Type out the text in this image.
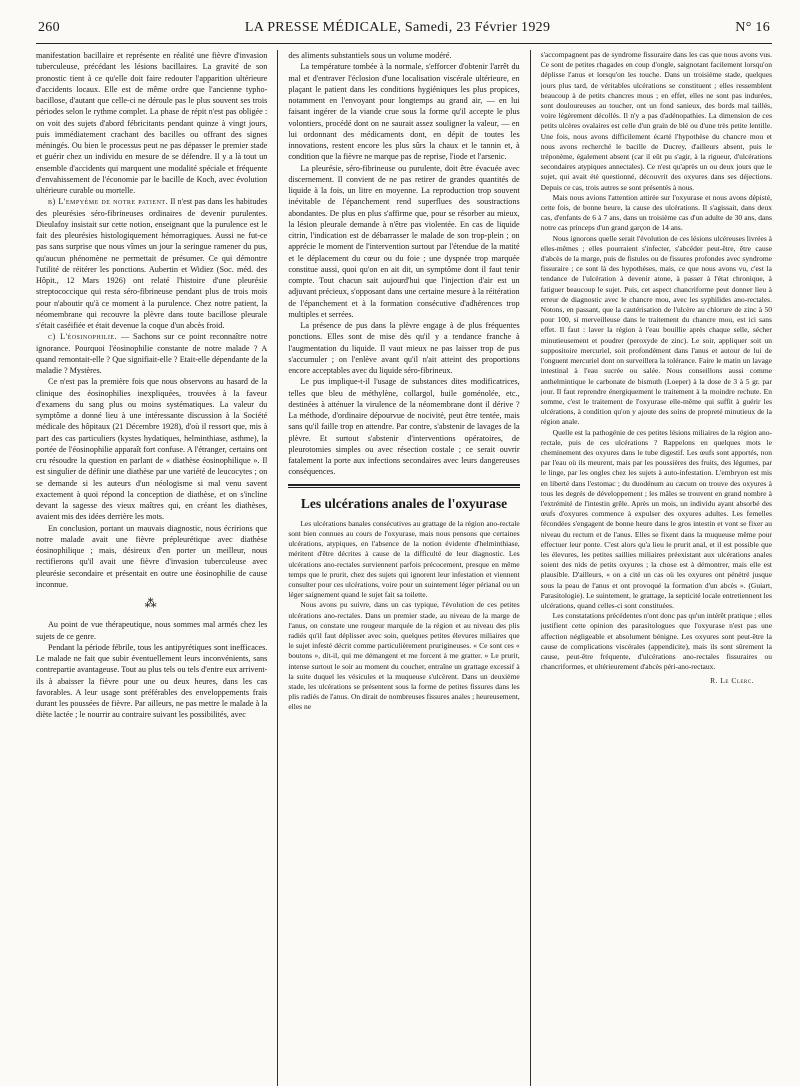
260	LA PRESSE MÉDICALE, Samedi, 23 Février 1929	N° 16

manifestation bacillaire et représente en réalité une fièvre d'invasion tuberculeuse, précédant les lésions bacillaires. La gravité de son pronostic tient à ce qu'elle doit faire redouter l'apparition ultérieure d'accidents locaux. Elle est de même ordre que l'ancienne typho-bacillose, d'autant que celle-ci ne déroule pas le plus souvent ses trois périodes selon le rythme complet. La phase de répit n'est pas obligée : on voit des sujets d'abord fébricitants pendant quinze à vingt jours, puis immédiatement crachant des bacilles ou offrant des signes méningés. Ou bien le processus peut ne pas dépasser le premier stade et guérir chez un individu en mesure de se défendre. Il y a là tout un ensemble d'accidents qui marquent une modalité spéciale et fréquente d'envahissement de l'économie par le bacille de Koch, avec évolution ultérieure curable ou mortelle.

b) L'empyème de notre patient. Il n'est pas dans les habitudes des pleurésies séro-fibrineuses ordinaires de devenir purulentes. Dieulafoy insistait sur cette notion, enseignant que la purulence est le fait des pleurésies histologiquement hémorragiques. Aussi ne fut-ce pas sans surprise que nous vîmes un jour la seringue ramener du pus, qu'aucun phénomène ne permettait de présumer. Ce qui démontre l'utilité de réitérer les ponctions. Aubertin et Widiez (Soc. méd. des Hôpit., 12 Mars 1926) ont relaté l'histoire d'une pleurésie streptococcique qui resta séro-fibrineuse pendant plus de trois mois pour n'aboutir qu'à ce moment à la purulence. Chez notre patient, la néomembrane qui recouvre la plèvre dans toute bacillose pleurale s'était caséifiée et était devenue la coque d'un abcès froid.

c) L'éosinophilie. — Sachons sur ce point reconnaître notre ignorance. Pourquoi l'éosinophilie constante de notre malade ? A quand remontait-elle ? Que signifiait-elle ? Etait-elle dépendante de la maladie ? Mystères.

Ce n'est pas la première fois que nous observons au hasard de la clinique des éosinophilies inexpliquées, trouvées à la faveur d'examens du sang plus ou moins systématiques. La valeur du symptôme a donné lieu à une intéressante discussion à la Société médicale des hôpitaux (21 Décembre 1928), d'où il ressort que, mis à part des cas particuliers (kystes hydatiques, helminthiase, asthme), la portée de l'éosinophilie apparaît fort confuse. A l'étranger, certains ont cru résoudre la question en parlant de « diathèse éosinophilique ». Il est singulier de définir une diathèse par une variété de leucocytes ; on se demande si les auteurs d'un néologisme si mal venu savent exactement à quoi répond la conception de diathèse, et on s'incline devant la sagesse des vieux maîtres qui, en créant les diathèses, avaient mis des idées derrière les mots.

En conclusion, portant un mauvais diagnostic, nous écririons que notre malade avait une fièvre prépleurétique avec diathèse éosinophilique ; mais, désireux d'en porter un meilleur, nous rectifierons qu'il avait une fièvre d'invasion tuberculeuse avec pleurésie secondaire et présentait en outre une éosinophilie de cause inconnue.

⁂

Au point de vue thérapeutique, nous sommes mal armés chez les sujets de ce genre.

Pendant la période fébrile, tous les antipyrétiques sont inefficaces. Le malade ne fait que subir éventuellement leurs inconvénients, sans contrepartie avantageuse. Tout au plus tels ou tels d'entre eux arrivent-ils à abaisser la fièvre pour une ou deux heures, dans les cas favorables. A leur usage sont préférables des enveloppements frais durant les poussées de fièvre. Par ailleurs, ne pas mettre le malade à la diète lactée ; le nourrir au contraire suivant les possibilités, avec

des aliments substantiels sous un volume modéré.

La température tombée à la normale, s'efforcer d'obtenir l'arrêt du mal et d'entraver l'éclosion d'une localisation viscérale ultérieure, en plaçant le patient dans les conditions hygiéniques les plus propices, notamment en l'envoyant pour longtemps au grand air, — en lui faisant ingérer de la viande crue sous la forme qu'il accepte le plus volontiers, procédé dont on ne saurait assez souligner la valeur, — en lui ordonnant des médicaments dont, en dépit de toutes les innovations, restent encore les plus sûrs la chaux et le tannin et, à condition que la fièvre ne marque pas de reprise, l'iode et l'arsenic.

La pleurésie, séro-fibrineuse ou purulente, doit être évacuée avec discernement. Il convient de ne pas retirer de grandes quantités de liquide à la fois, un litre en moyenne. La reproduction trop souvent inévitable de l'épanchement rend superflues des soustractions abondantes. De plus en plus s'affirme que, pour se résorber au mieux, la lésion pleurale demande à n'être pas violentée. En cas de liquide citrin, l'indication est de débarrasser le malade de son trop-plein ; on apprécie le moment de l'intervention surtout par l'étendue de la matité et le déplacement du cœur ou du foie ; une dyspnée trop marquée constitue aussi, quoi qu'on en ait dit, un symptôme dont il faut tenir compte. Tout chacun sait aujourd'hui que l'injection d'air est un adjuvant précieux, s'opposant dans une certaine mesure à la réitération de l'épanchement et à la formation consécutive d'adhérences trop multiples et serrées.

La présence de pus dans la plèvre engage à de plus fréquentes ponctions. Elles sont de mise dès qu'il y a tendance franche à l'augmentation du liquide. Il vaut mieux ne pas laisser trop de pus s'accumuler ; on l'enlève avant qu'il n'ait atteint des proportions encore acceptables avec du liquide séro-fibrineux.

Le pus implique-t-il l'usage de substances dites modificatrices, telles que bleu de méthylène, collargol, huile goménolée, etc., destinées à atténuer la virulence de la néomembrane dont il dérive ? La méthode, d'ordinaire dépourvue de nocivité, peut être tentée, mais sans qu'il faille trop en attendre. Par contre, s'abstenir de lavages de la plèvre. Et surtout s'abstenir d'interventions opératoires, de pleurotomies simples ou avec résection costale ; ce serait ouvrir fatalement la porte aux infections secondaires avec leurs dangereuses conséquences.

Les ulcérations anales de l'oxyurase

Les ulcérations banales consécutives au grattage de la région ano-rectale sont bien connues au cours de l'oxyurase, mais nous pensons que certaines ulcérations, atypiques, en l'absence de la notion évidente d'helminthiase, méritent d'être décrites à cause de la difficulté de leur diagnostic. Les ulcérations ano-rectales surviennent parfois précocement, presque en même temps que le prurit, chez des sujets qui ignorent leur infestation et viennent consulter pour ces ulcérations, voire pour un suintement léger périanal ou un léger saignement quand le sujet fait sa toilette.

Nous avons pu suivre, dans un cas typique, l'évolution de ces petites ulcérations ano-rectales. Dans un premier stade, au niveau de la marge de l'anus, on constate une rougeur marquée de la région et au niveau des plis radiés qu'il faut déplisser avec soin, quelques petites élevures miliaires que le sujet infesté décrit comme particulièrement prurigineuses. « Ce sont ces « boutons », dit-il, qui me démangent et me forcent à me gratter. » Le prurit, intense surtout le soir au moment du coucher, entraîne un grattage excessif à la suite duquel les vésicules et la muqueuse s'ulcèrent. Dans un deuxième stade, les ulcérations se présentent sous la forme de petites fissures dans les plis radiés de l'anus. On dirait de nombreuses fissures anales ; heureusement, elles ne

s'accompagnent pas de syndrome fissuraire dans les cas que nous avons vus. Ce sont de petites rhagades en coup d'ongle, saignotant facilement lorsqu'on déplisse l'anus et lorsqu'on les touche. Dans un troisième stade, quelques jours plus tard, de véritables ulcérations se constituent ; elles ressemblent beaucoup à de petits chancres mous ; en effet, elles ne sont pas indurées, sont douloureuses au toucher, ont un fond sanieux, des bords mal taillés, voire légèrement décollés. Il n'y a pas d'adénopathies. La dimension de ces petits ulcères ovalaires est celle d'un grain de blé ou d'une très petite lentille. Une fois, nous avons difficilement écarté l'hypothèse du chancre mou et nous avons recherché le bacille de Ducrey, d'ailleurs absent, puis le tréponème, également absent (car il eût pu s'agir, à la rigueur, d'ulcérations secondaires atypiques annectales). Ce n'est qu'après un ou deux jours que le sujet, qui avait été questionné, découvrit des oxyures dans ses déjections. Depuis ce cas, trois autres se sont présentés à nous.

Mais nous avions l'attention attirée sur l'oxyurase et nous avons dépisté, cette fois, de bonne heure, la cause des ulcérations. Il s'agissait, dans deux cas, d'enfants de 6 à 7 ans, dans un troisième cas d'un adulte de 30 ans, dans notre cas princeps d'un grand garçon de 14 ans.

Nous ignorons quelle serait l'évolution de ces lésions ulcéreuses livrées à elles-mêmes ; elles pourraient s'infecter, s'abcéder peut-être, être cause d'abcès de la marge, puis de fistules ou de fissures profondes avec syndrome fissuraire ; ce sont là des hypothèses, mais, ce que nous avons vu, c'est la tendance de l'ulcération à devenir atone, à passer à l'état chronique, à fatiguer beaucoup le sujet. Puis, cet aspect chancriforme peut donner lieu à erreur de diagnostic avec le chancre mou, avec les syphilides ano-rectales. Notons, en passant, que la cautérisation de l'ulcère au chlorure de zinc à 50 pour 100, si merveilleuse dans le traitement du chancre mou, est ici sans effet. Il faut : laver la région à l'eau bouillie après chaque selle, sécher minutieusement et poudrer (peroxyde de zinc). Le soir, appliquer soit un suppositoire mercuriel, soit profondément dans l'anus et autour de lui de l'onguent mercuriel dont on surveillera la tolérance. Faire le matin un lavage intestinal à l'eau sucrée ou salée. Nous conseillons aussi comme anthelmintique le carbonate de bismuth (Loeper) à la dose de 3 à 5 gr. par jour. Il faut reprendre énergiquement le traitement à la moindre rechute. En somme, c'est le traitement de l'oxyurase elle-même qui suffit à guérir les ulcérations, à condition qu'on y ajoute des soins de propreté minutieux de la région anale.

Quelle est la pathogénie de ces petites lésions miliaires de la région ano-rectale, puis de ces ulcérations ? Rappelons en quelques mots le cheminement des oxyures dans le tube digestif. Les œufs sont apportés, non par l'eau où ils meurent, mais par les poussières des fruits, des légumes, par le linge, par les ongles chez les sujets à auto-infestation. L'embryon est mis en liberté dans l'estomac ; du duodénum au cæcum on trouve des oxyures à tous les degrés de développement ; les mâles se trouvent en grand nombre à l'extrémité de l'intestin grêle. Après un mois, un individu ayant absorbé des œufs d'oxyures commence à expulser des oxyures adultes. Les femelles fécondées s'engagent de bonne heure dans le gros intestin et vont se fixer au niveau du rectum et de l'anus. Elles se fixent dans la muqueuse même pour effectuer leur ponte. C'est alors qu'a lieu le prurit anal, et il est possible que les élevures, les petites saillies miliaires préexistant aux ulcérations anales soient des nids de petits oxyures ; la chose est à démontrer, mais elle est plausible. D'ailleurs, « on a cité un cas où les oxyures ont pénétré jusque sous la peau de l'anus et ont provoqué la formation d'un abcès ». (Guiart, Parasitologie). Le suintement, le grattage, la septicité locale entretiennent les ulcérations, quand celles-ci sont constituées.

Les constatations précédentes n'ont donc pas qu'un intérêt pratique ; elles justifient cette opinion des parasitologues que l'oxyurase n'est pas une affection négligeable et absolument bénigne. Les oxyures sont peut-être la cause de complications viscérales (appendicite), mais ils sont sûrement la cause, peut-être fréquente, d'ulcérations ano-rectales fissuraires ou chancriformes, et ultérieurement d'abcès péri-ano-rectaux.

R. Le Clerc.
